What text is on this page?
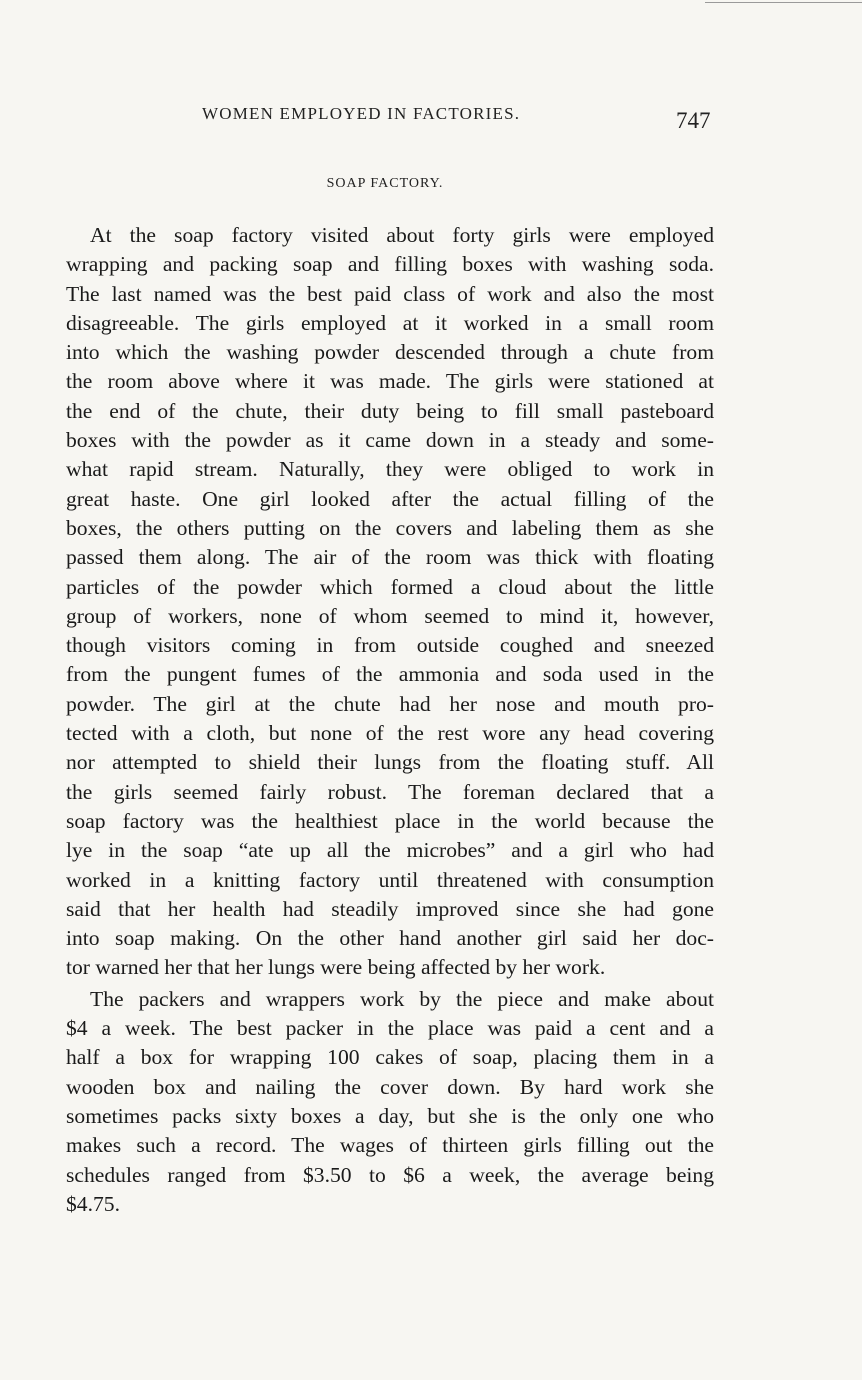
WOMEN EMPLOYED IN FACTORIES.	747
SOAP FACTORY.
At the soap factory visited about forty girls were employed
wrapping and packing soap and filling boxes with washing soda.
The last named was the best paid class of work and also the most
disagreeable. The girls employed at it worked in a small room
into which the washing powder descended through a chute from
the room above where it was made. The girls were stationed at
the end of the chute, their duty being to fill small pasteboard
boxes with the powder as it came down in a steady and some-
what rapid stream. Naturally, they were obliged to work in
great haste. One girl looked after the actual filling of the
boxes, the others putting on the covers and labeling them as she
passed them along. The air of the room was thick with floating
particles of the powder which formed a cloud about the little
group of workers, none of whom seemed to mind it, however,
though visitors coming in from outside coughed and sneezed
from the pungent fumes of the ammonia and soda used in the
powder. The girl at the chute had her nose and mouth pro-
tected with a cloth, but none of the rest wore any head covering
nor attempted to shield their lungs from the floating stuff. All
the girls seemed fairly robust. The foreman declared that a
soap factory was the healthiest place in the world because the
lye in the soap “ate up all the microbes” and a girl who had
worked in a knitting factory until threatened with consumption
said that her health had steadily improved since she had gone
into soap making. On the other hand another girl said her doc-
tor warned her that her lungs were being affected by her work.
The packers and wrappers work by the piece and make about
$4 a week. The best packer in the place was paid a cent and a
half a box for wrapping 100 cakes of soap, placing them in a
wooden box and nailing the cover down. By hard work she
sometimes packs sixty boxes a day, but she is the only one who
makes such a record. The wages of thirteen girls filling out the
schedules ranged from $3.50 to $6 a week, the average being
$4.75.
